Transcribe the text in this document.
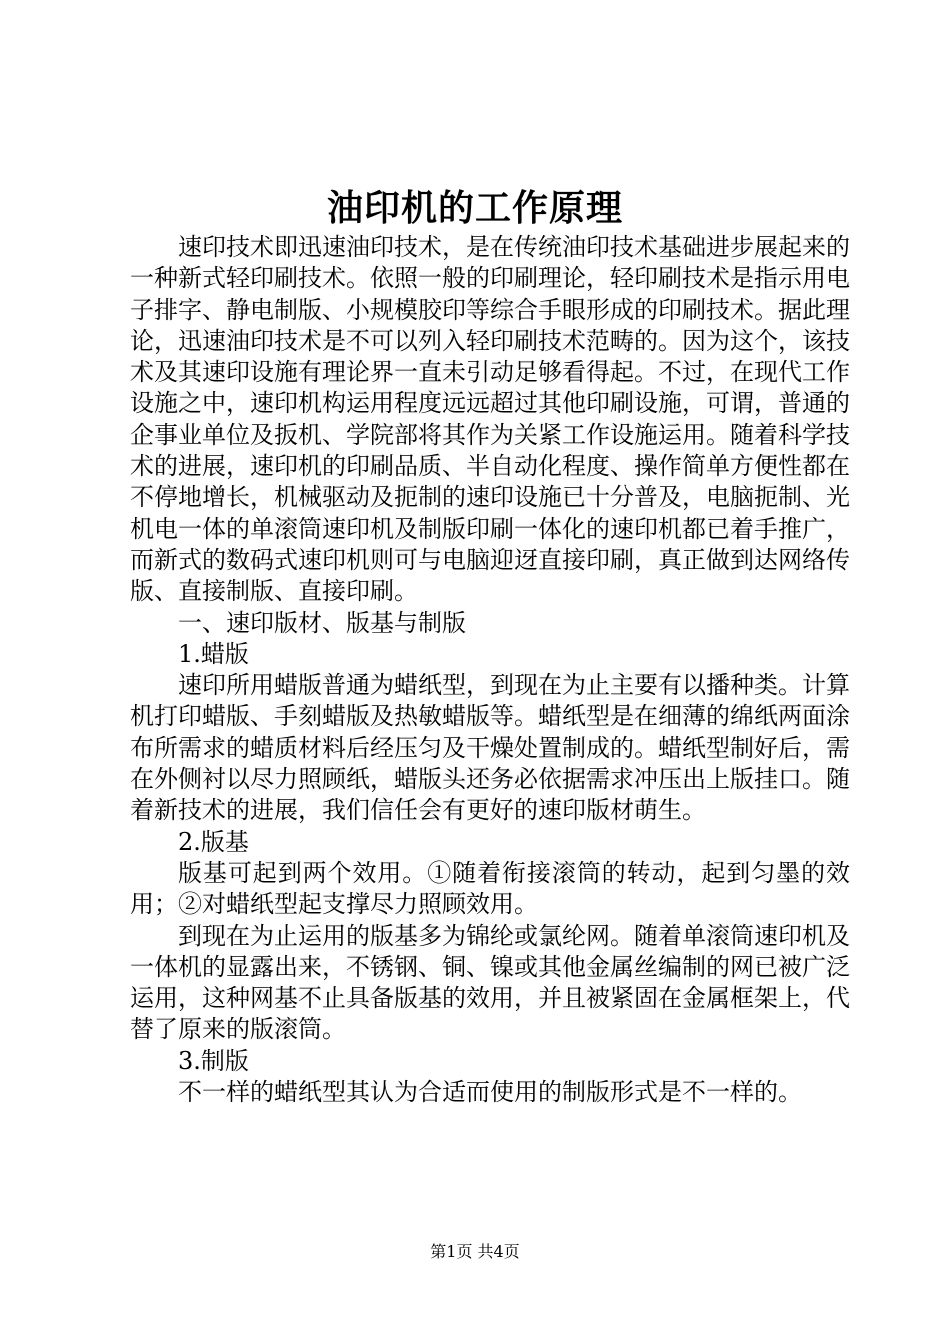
油印机的工作原理

速印技术即迅速油印技术，是在传统油印技术基础进步展起来的一种新式轻印刷技术。依照一般的印刷理论，轻印刷技术是指示用电子排字、静电制版、小规模胶印等综合手眼形成的印刷技术。据此理论，迅速油印技术是不可以列入轻印刷技术范畴的。因为这个，该技术及其速印设施有理论界一直未引动足够看得起。不过，在现代工作设施之中，速印机构运用程度远远超过其他印刷设施，可谓，普通的企事业单位及扳机、学院部将其作为关紧工作设施运用。随着科学技术的进展，速印机的印刷品质、半自动化程度、操作简单方便性都在不停地增长，机械驱动及扼制的速印设施已十分普及，电脑扼制、光机电一体的单滚筒速印机及制版印刷一体化的速印机都已着手推广，而新式的数码式速印机则可与电脑迎迓直接印刷，真正做到达网络传版、直接制版、直接印刷。

一、速印版材、版基与制版

1.蜡版

速印所用蜡版普通为蜡纸型，到现在为止主要有以播种类。计算机打印蜡版、手刻蜡版及热敏蜡版等。蜡纸型是在细薄的绵纸两面涂布所需求的蜡质材料后经压匀及干燥处置制成的。蜡纸型制好后，需在外侧衬以尽力照顾纸，蜡版头还务必依据需求冲压出上版挂口。随着新技术的进展，我们信任会有更好的速印版材萌生。

2.版基

版基可起到两个效用。①随着衔接滚筒的转动，起到匀墨的效用；②对蜡纸型起支撑尽力照顾效用。

到现在为止运用的版基多为锦纶或氯纶网。随着单滚筒速印机及一体机的显露出来，不锈钢、铜、镍或其他金属丝编制的网已被广泛运用，这种网基不止具备版基的效用，并且被紧固在金属框架上，代替了原来的版滚筒。

3.制版

不一样的蜡纸型其认为合适而使用的制版形式是不一样的。

第1页 共4页
